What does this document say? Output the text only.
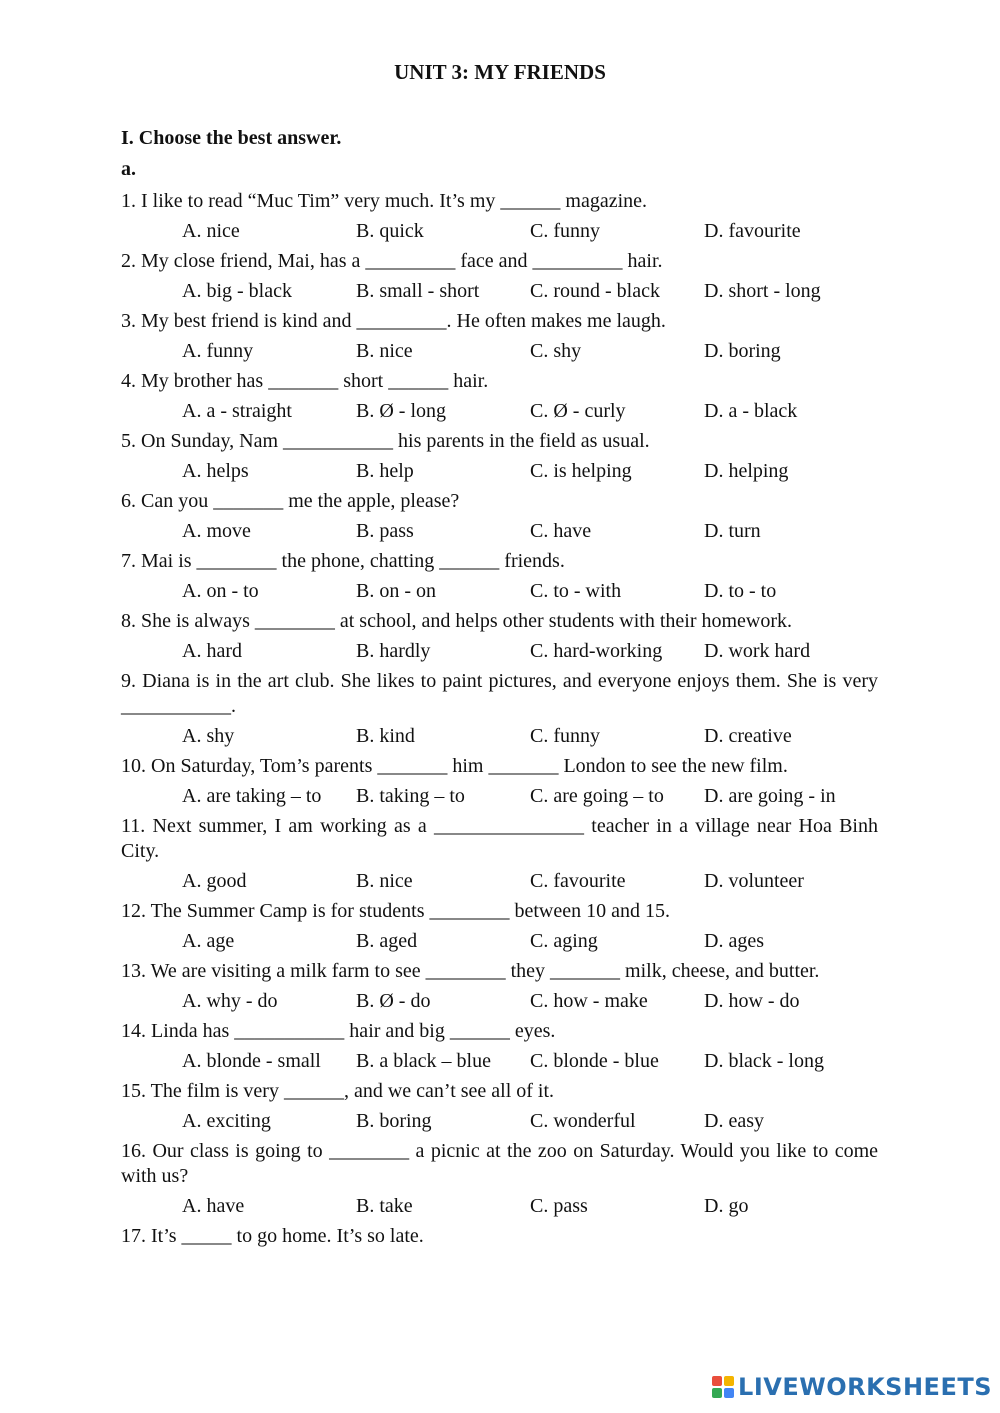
UNIT 3: MY FRIENDS
I. Choose the best answer.
a.
1. I like to read “Muc Tim” very much. It’s my ______ magazine.
A. nice	B. quick	C. funny	D. favourite
2. My close friend, Mai, has a _________ face and _________ hair.
A. big - black	B. small - short	C. round - black	D. short - long
3. My best friend is kind and _________. He often makes me laugh.
A. funny	B. nice	C. shy	D. boring
4. My brother has _______ short ______ hair.
A. a - straight	B. Ø - long	C. Ø - curly	D. a - black
5. On Sunday, Nam ___________ his parents in the field as usual.
A. helps	B. help	C. is helping	D. helping
6. Can you _______ me the apple, please?
A. move	B. pass	C. have	D. turn
7. Mai is ________ the phone, chatting ______ friends.
A. on - to	B. on - on	C. to - with	D. to - to
8. She is always ________ at school, and helps other students with their homework.
A. hard	B. hardly	C. hard-working	D. work hard
9. Diana is in the art club. She likes to paint pictures, and everyone enjoys them. She is very ___________.
A. shy	B. kind	C. funny	D. creative
10. On Saturday, Tom’s parents _______ him _______ London to see the new film.
A. are taking – to	B. taking – to	C. are going – to	D. are going - in
11. Next summer, I am working as a _______________ teacher in a village near Hoa Binh City.
A. good	B. nice	C. favourite	D. volunteer
12. The Summer Camp is for students ________ between 10 and 15.
A. age	B. aged	C. aging	D. ages
13. We are visiting a milk farm to see ________ they _______ milk, cheese, and butter.
A. why - do	B. Ø - do	C. how - make	D. how - do
14. Linda has ___________ hair and big ______ eyes.
A. blonde - small	B. a black – blue	C. blonde - blue	D. black - long
15. The film is very ______, and we can’t see all of it.
A. exciting	B. boring	C. wonderful	D. easy
16. Our class is going to ________ a picnic at the zoo on Saturday. Would you like to come with us?
A. have	B. take	C. pass	D. go
17. It’s _____ to go home. It’s so late.
LIVEWORKSHEETS
